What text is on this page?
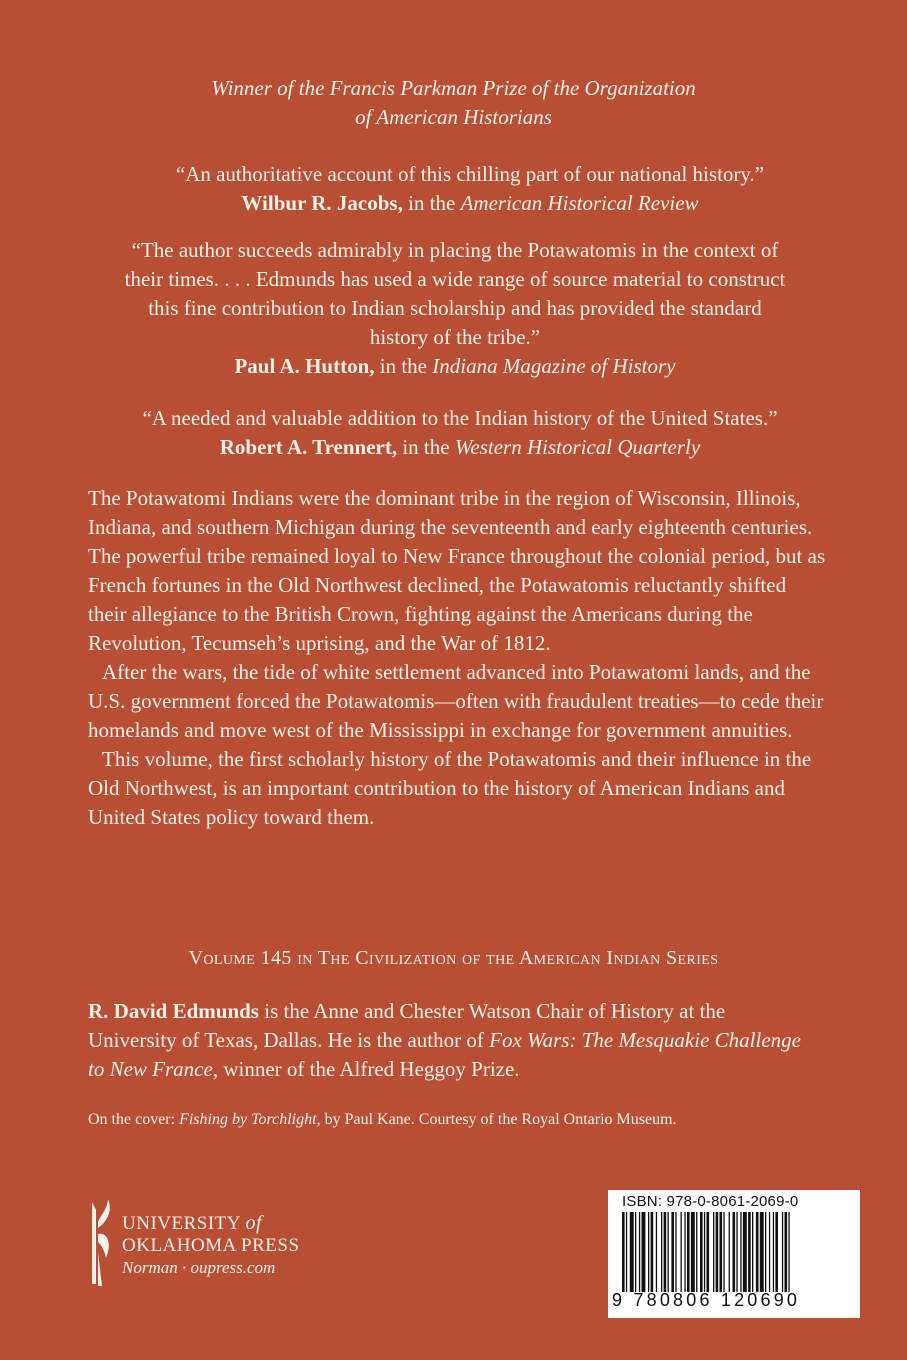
Winner of the Francis Parkman Prize of the Organization
of American Historians
“An authoritative account of this chilling part of our national history.”
Wilbur R. Jacobs, in the American Historical Review
“The author succeeds admirably in placing the Potawatomis in the context of
their times. . . . Edmunds has used a wide range of source material to construct
this fine contribution to Indian scholarship and has provided the standard
history of the tribe.”
Paul A. Hutton, in the Indiana Magazine of History
“A needed and valuable addition to the Indian history of the United States.”
Robert A. Trennert, in the Western Historical Quarterly

The Potawatomi Indians were the dominant tribe in the region of Wisconsin, Illinois, Indiana, and southern Michigan during the seventeenth and early eighteenth centuries. The powerful tribe remained loyal to New France throughout the colonial period, but as French fortunes in the Old Northwest declined, the Potawatomis reluctantly shifted their allegiance to the British Crown, fighting against the Americans during the Revolution, Tecumseh’s uprising, and the War of 1812.

After the wars, the tide of white settlement advanced into Potawatomi lands, and the U.S. government forced the Potawatomis—often with fraudulent treaties—to cede their homelands and move west of the Mississippi in exchange for government annuities.

This volume, the first scholarly history of the Potawatomis and their influence in the Old Northwest, is an important contribution to the history of American Indians and United States policy toward them.

Volume 145 in The Civilization of the American Indian Series
R. David Edmunds is the Anne and Chester Watson Chair of History at the University of Texas, Dallas. He is the author of Fox Wars: The Mesquakie Challenge to New France, winner of the Alfred Heggoy Prize.
On the cover: Fishing by Torchlight, by Paul Kane. Courtesy of the Royal Ontario Museum.
UNIVERSITY of
OKLAHOMA PRESS
Norman · oupress.com
ISBN: 978-0-8061-2069-0
9 780806 120690
